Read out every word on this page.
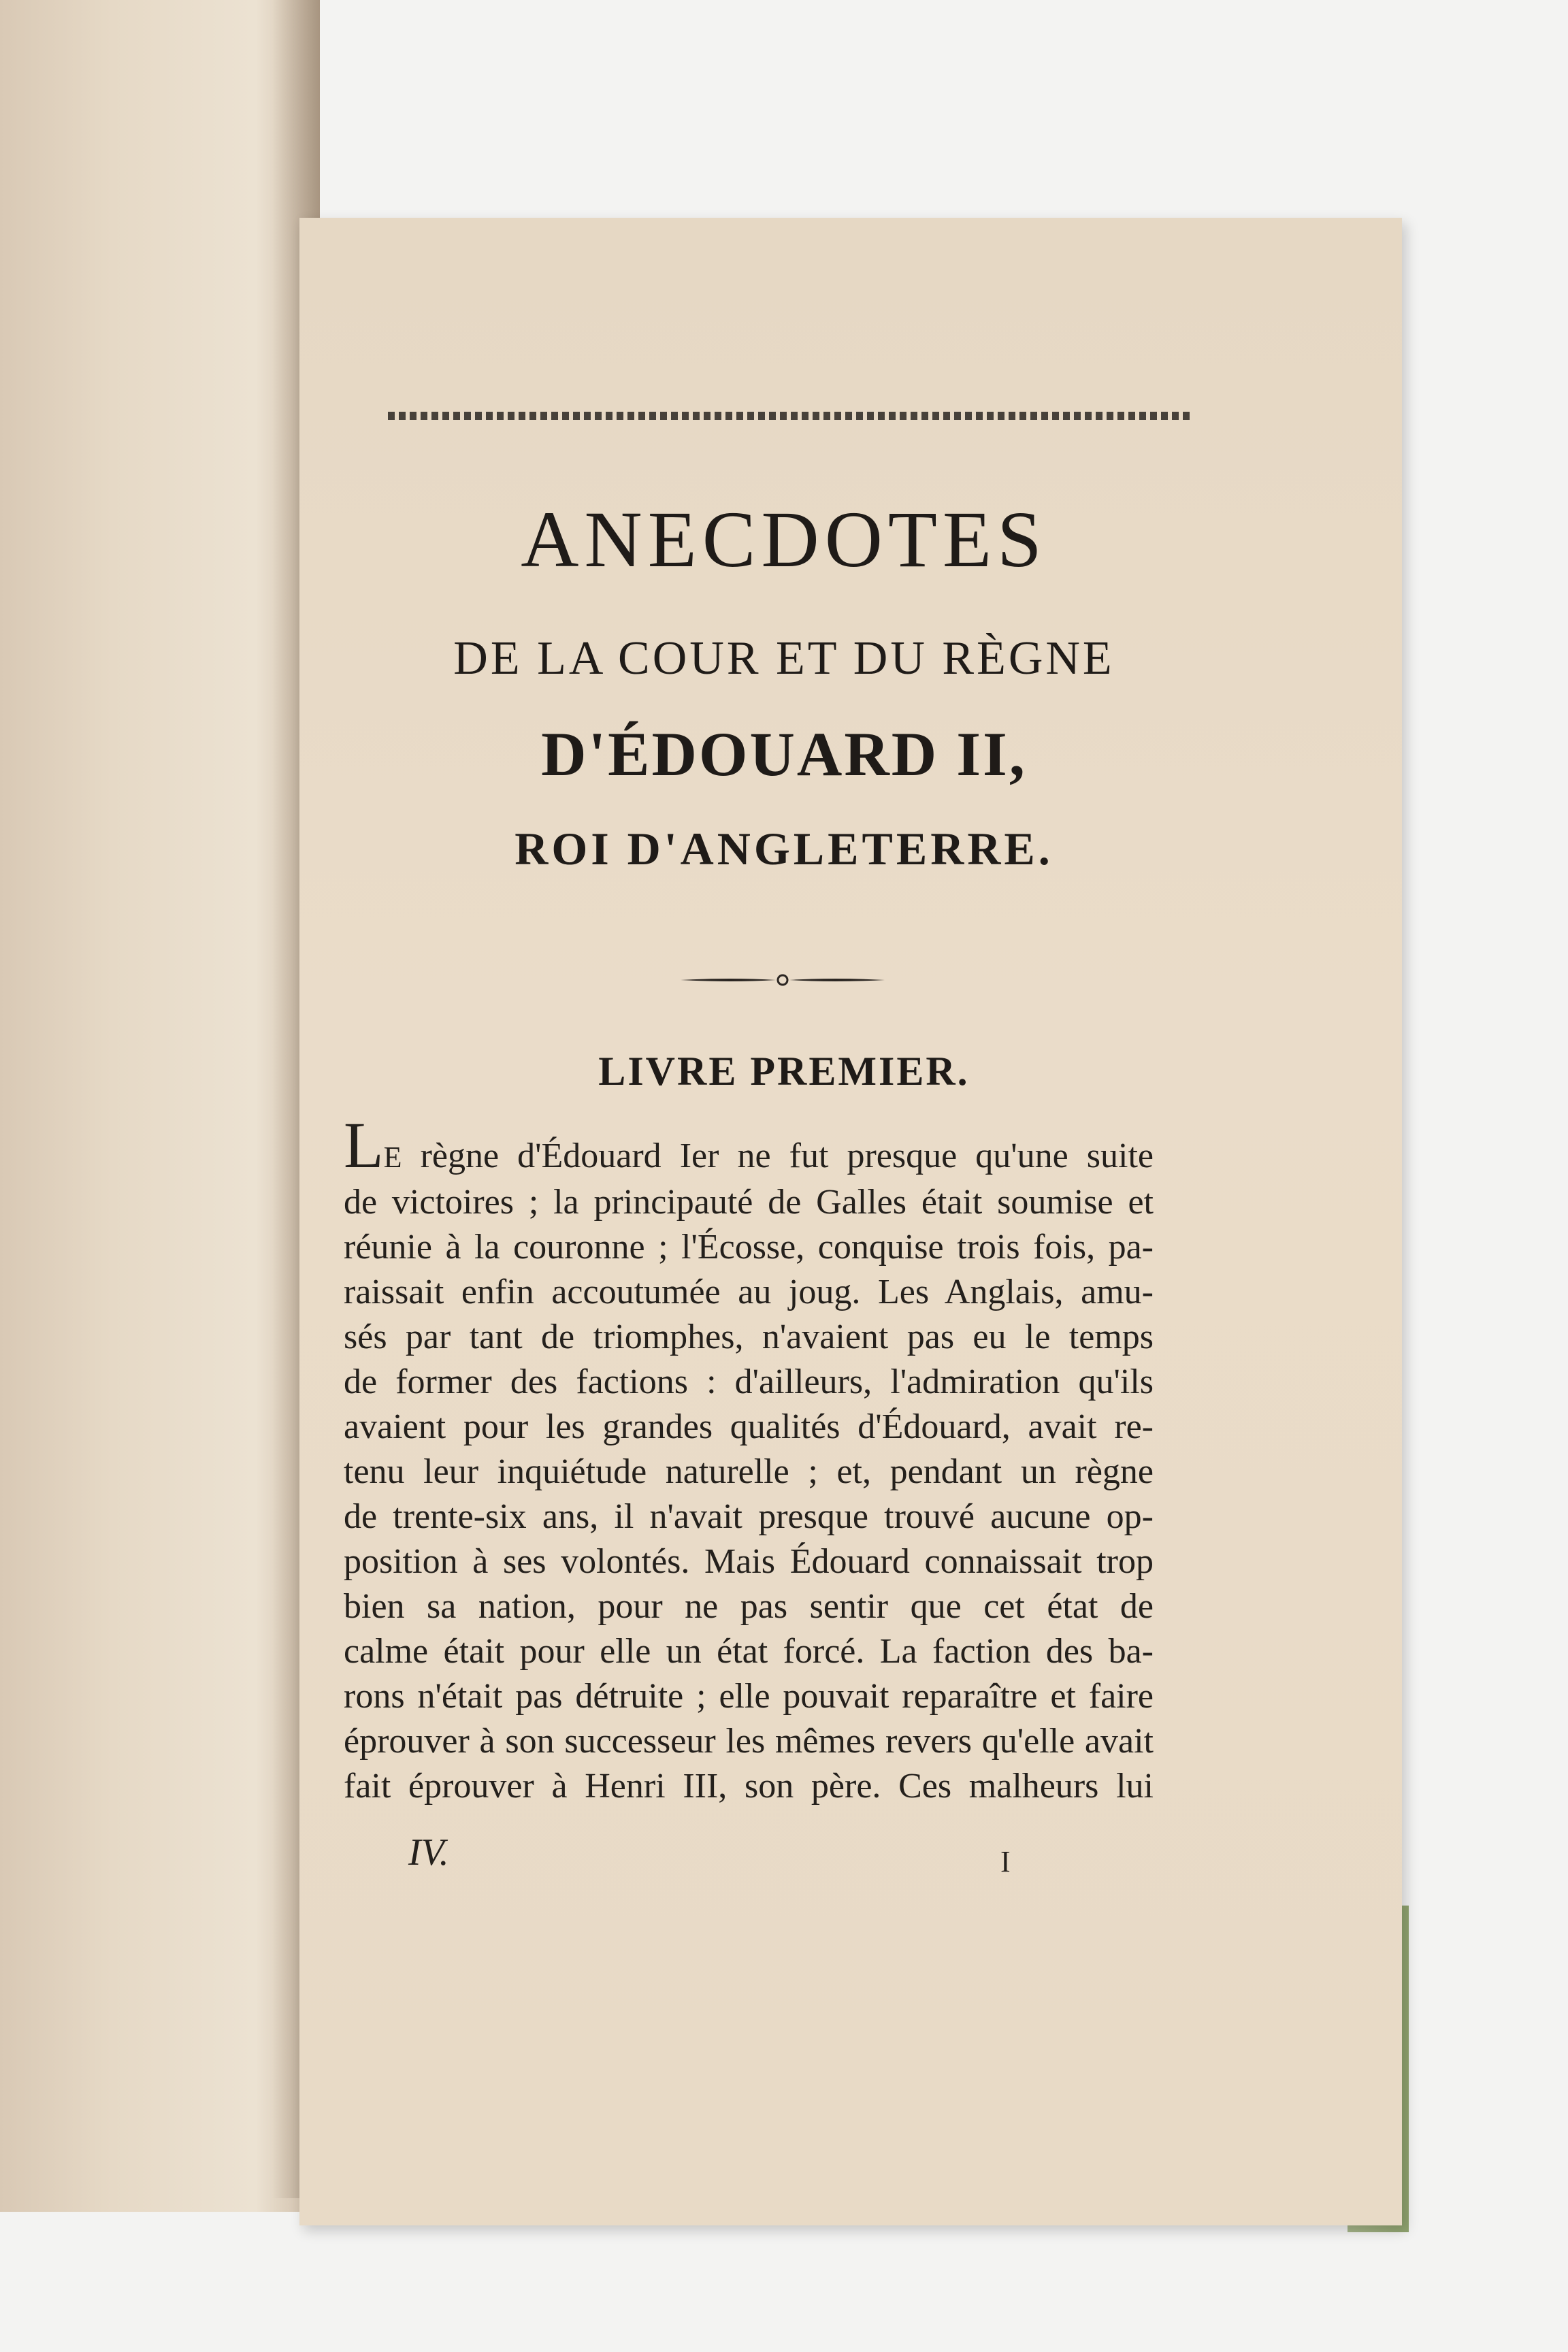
ANECDOTES
DE LA COUR ET DU RÈGNE
D'ÉDOUARD II,
ROI D'ANGLETERRE.
LIVRE PREMIER.
LE règne d'Édouard Ier ne fut presque qu'une suite
de victoires ; la principauté de Galles était soumise et
réunie à la couronne ; l'Écosse, conquise trois fois, pa-
raissait enfin accoutumée au joug. Les Anglais, amu-
sés par tant de triomphes, n'avaient pas eu le temps
de former des factions : d'ailleurs, l'admiration qu'ils
avaient pour les grandes qualités d'Édouard, avait re-
tenu leur inquiétude naturelle ; et, pendant un règne
de trente-six ans, il n'avait presque trouvé aucune op-
position à ses volontés. Mais Édouard connaissait trop
bien sa nation, pour ne pas sentir que cet état de
calme était pour elle un état forcé. La faction des ba-
rons n'était pas détruite ; elle pouvait reparaître et faire
éprouver à son successeur les mêmes revers qu'elle avait
fait éprouver à Henri III, son père. Ces malheurs lui
IV.	I
